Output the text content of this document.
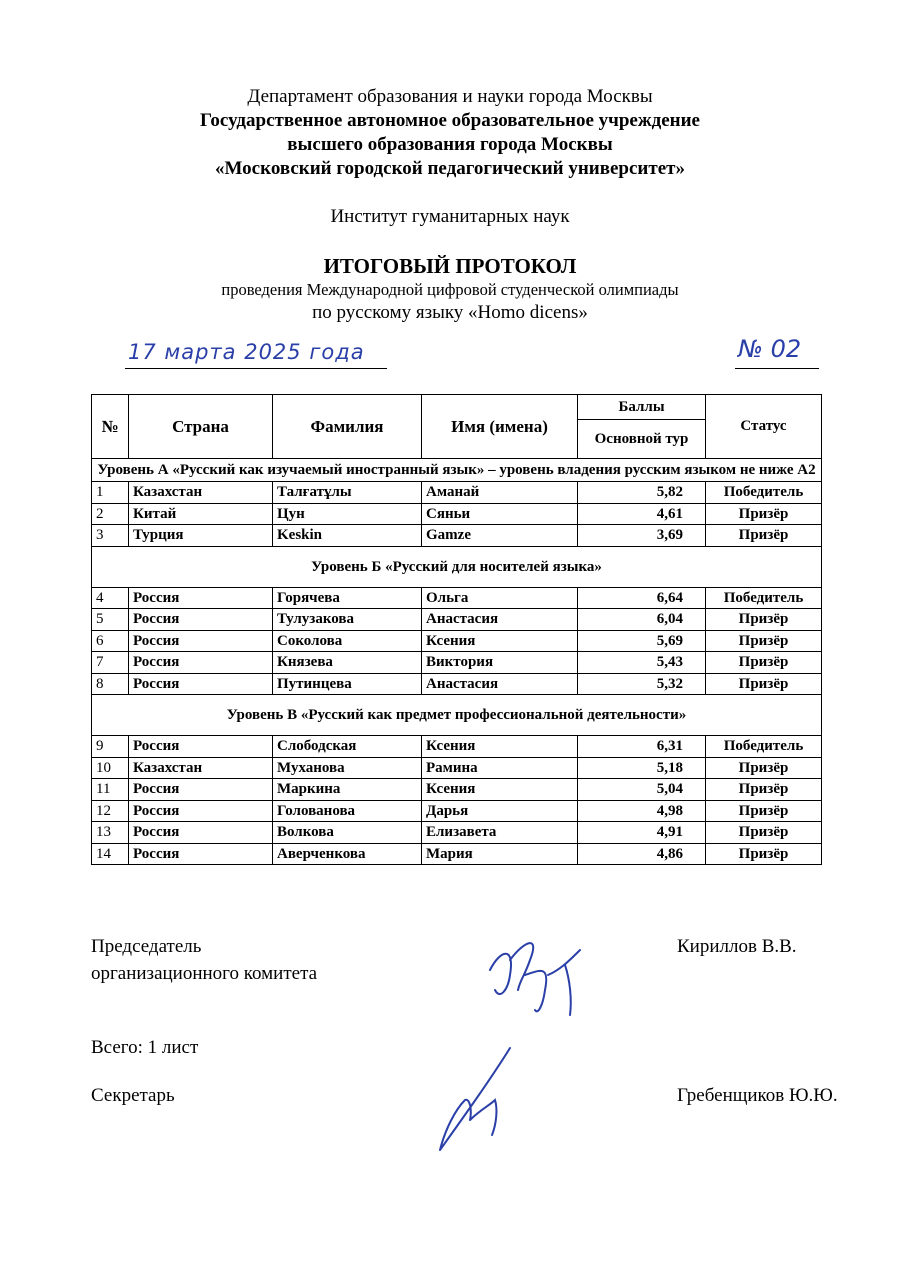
Департамент образования и науки города Москвы
Государственное автономное образовательное учреждение
высшего образования города Москвы
«Московский городской педагогический университет»
Институт гуманитарных наук
ИТОГОВЫЙ ПРОТОКОЛ
проведения Международной цифровой студенческой олимпиады
по русскому языку «Homo dicens»
17 марта 2025 года	№ 02
№	Страна	Фамилия	Имя (имена)	Баллы	Статус
				Основной тур	
Уровень А «Русский как изучаемый иностранный язык» – уровень владения русским языком не ниже А2					
1	Казахстан	Талғатұлы	Аманай	5,82	Победитель
2	Китай	Цун	Сяньи	4,61	Призёр
3	Турция	Keskin	Gamze	3,69	Призёр
Уровень Б «Русский для носителей языка»					
4	Россия	Горячева	Ольга	6,64	Победитель
5	Россия	Тулузакова	Анастасия	6,04	Призёр
6	Россия	Соколова	Ксения	5,69	Призёр
7	Россия	Князева	Виктория	5,43	Призёр
8	Россия	Путинцева	Анастасия	5,32	Призёр
Уровень В «Русский как предмет профессиональной деятельности»					
9	Россия	Слободская	Ксения	6,31	Победитель
10	Казахстан	Муханова	Рамина	5,18	Призёр
11	Россия	Маркина	Ксения	5,04	Призёр
12	Россия	Голованова	Дарья	4,98	Призёр
13	Россия	Волкова	Елизавета	4,91	Призёр
14	Россия	Аверченкова	Мария	4,86	Призёр
Председатель
организационного комитета
Кириллов В.В.
Всего: 1 лист
Секретарь	Гребенщиков Ю.Ю.
